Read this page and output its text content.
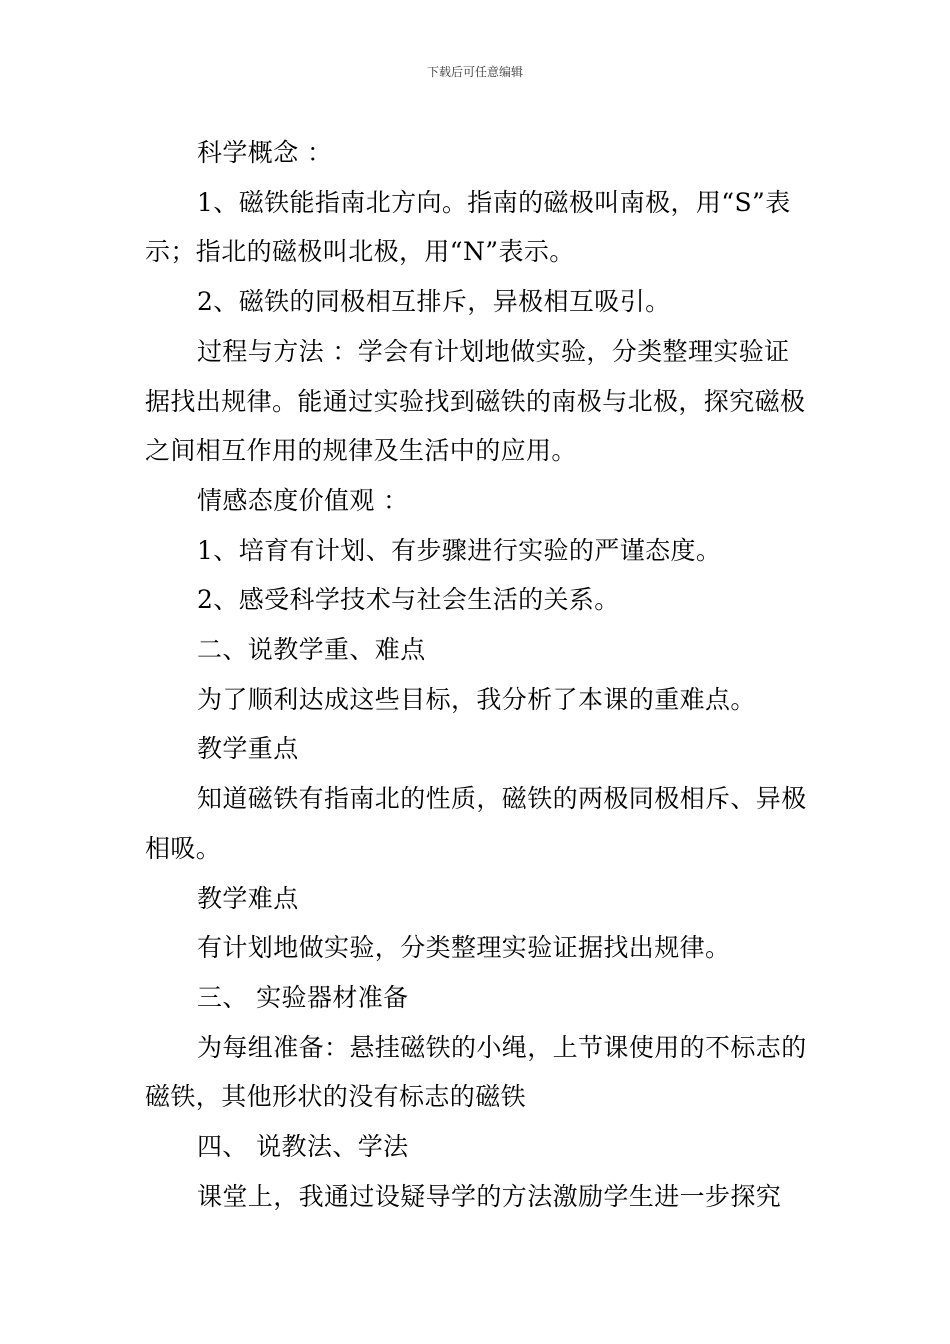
下载后可任意编辑

科学概念 ：

1、磁铁能指南北方向。指南的磁极叫南极，用“S”表示；指北的磁极叫北极，用“N”表示。

2、磁铁的同极相互排斥，异极相互吸引。

过程与方法 ：学会有计划地做实验，分类整理实验证据找出规律。能通过实验找到磁铁的南极与北极，探究磁极之间相互作用的规律及生活中的应用。

情感态度价值观 ：

1、培育有计划、有步骤进行实验的严谨态度。

2、感受科学技术与社会生活的关系。

二、说教学重、难点

为了顺利达成这些目标，我分析了本课的重难点。

教学重点

知道磁铁有指南北的性质，磁铁的两极同极相斥、异极相吸。

教学难点

有计划地做实验，分类整理实验证据找出规律。

三、 实验器材准备

为每组准备：悬挂磁铁的小绳，上节课使用的不标志的磁铁，其他形状的没有标志的磁铁

四、 说教法、学法

课堂上，我通过设疑导学的方法激励学生进一步探究
